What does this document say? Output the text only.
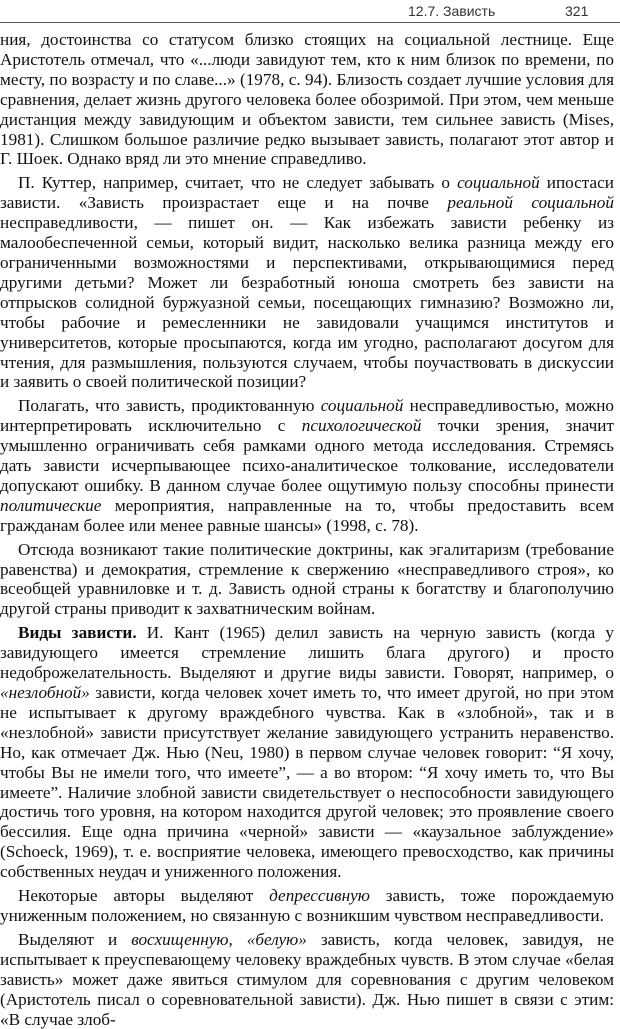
12.7. Зависть	321

ния, достоинства со статусом близко стоящих на социальной лестнице. Еще Аристотель отмечал, что «...люди завидуют тем, кто к ним близок по времени, по месту, по возрасту и по славе...» (1978, с. 94). Близость создает лучшие условия для сравнения, делает жизнь другого человека более обозримой. При этом, чем меньше дистанция между завидующим и объектом зависти, тем сильнее зависть (Mises, 1981). Слишком большое различие редко вызывает зависть, полагают этот автор и Г. Шоек. Однако вряд ли это мнение справедливо.

П. Куттер, например, считает, что не следует забывать о социальной ипостаси зависти. «Зависть произрастает еще и на почве реальной социальной несправедливости, — пишет он. — Как избежать зависти ребенку из малообеспеченной семьи, который видит, насколько велика разница между его ограниченными возможностями и перспективами, открывающимися перед другими детьми? Может ли безработный юноша смотреть без зависти на отпрысков солидной буржуазной семьи, посещающих гимназию? Возможно ли, чтобы рабочие и ремесленники не завидовали учащимся институтов и университетов, которые просыпаются, когда им угодно, располагают досугом для чтения, для размышления, пользуются случаем, чтобы поучаствовать в дискуссии и заявить о своей политической позиции?

Полагать, что зависть, продиктованную социальной несправедливостью, можно интерпретировать исключительно с психологической точки зрения, значит умышленно ограничивать себя рамками одного метода исследования. Стремясь дать зависти исчерпывающее психо-аналитическое толкование, исследователи допускают ошибку. В данном случае более ощутимую пользу способны принести политические мероприятия, направленные на то, чтобы предоставить всем гражданам более или менее равные шансы» (1998, с. 78).

Отсюда возникают такие политические доктрины, как эгалитаризм (требование равенства) и демократия, стремление к свержению «несправедливого строя», ко всеобщей уравниловке и т. д. Зависть одной страны к богатству и благополучию другой страны приводит к захватническим войнам.

Виды зависти. И. Кант (1965) делил зависть на черную зависть (когда у завидующего имеется стремление лишить блага другого) и просто недоброжелательность. Выделяют и другие виды зависти. Говорят, например, о «незлобной» зависти, когда человек хочет иметь то, что имеет другой, но при этом не испытывает к другому враждебного чувства. Как в «злобной», так и в «незлобной» зависти присутствует желание завидующего устранить неравенство. Но, как отмечает Дж. Нью (Neu, 1980) в первом случае человек говорит: “Я хочу, чтобы Вы не имели того, что имеете”, — а во втором: “Я хочу иметь то, что Вы имеете”. Наличие злобной зависти свидетельствует о неспособности завидующего достичь того уровня, на котором находится другой человек; это проявление своего бессилия. Еще одна причина «черной» зависти — «каузальное заблуждение» (Schoeck, 1969), т. е. восприятие человека, имеющего превосходство, как причины собственных неудач и униженного положения.

Некоторые авторы выделяют депрессивную зависть, тоже порождаемую униженным положением, но связанную с возникшим чувством несправедливости.

Выделяют и восхищенную, «белую» зависть, когда человек, завидуя, не испытывает к преуспевающему человеку враждебных чувств. В этом случае «белая зависть» может даже явиться стимулом для соревнования с другим человеком (Аристотель писал о соревновательной зависти). Дж. Нью пишет в связи с этим: «В случае злоб-
